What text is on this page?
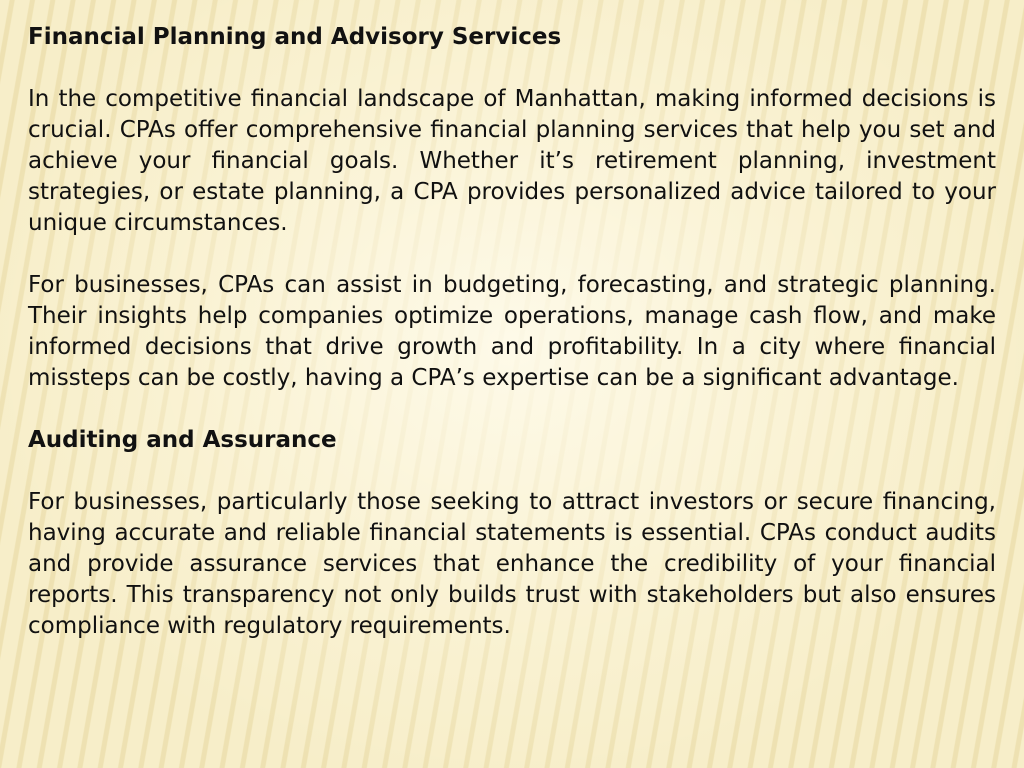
Financial Planning and Advisory Services
In the competitive financial landscape of Manhattan, making informed decisions is crucial. CPAs offer comprehensive financial planning services that help you set and achieve your financial goals. Whether it’s retirement planning, investment strategies, or estate planning, a CPA provides personalized advice tailored to your unique circumstances.
For businesses, CPAs can assist in budgeting, forecasting, and strategic planning. Their insights help companies optimize operations, manage cash flow, and make informed decisions that drive growth and profitability. In a city where financial missteps can be costly, having a CPA’s expertise can be a significant advantage.
Auditing and Assurance
For businesses, particularly those seeking to attract investors or secure financing, having accurate and reliable financial statements is essential. CPAs conduct audits and provide assurance services that enhance the credibility of your financial reports. This transparency not only builds trust with stakeholders but also ensures compliance with regulatory requirements.
